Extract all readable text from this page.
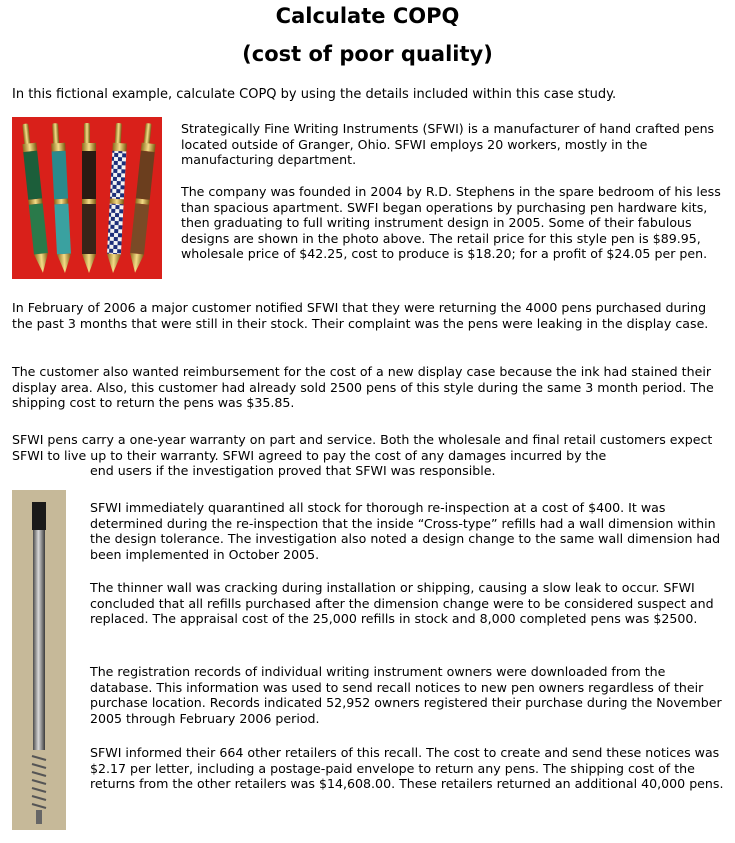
Calculate COPQ
(cost of poor quality)

In this fictional example, calculate COPQ by using the details included within this case study.

Strategically Fine Writing Instruments (SFWI) is a manufacturer of hand crafted pens located outside of Granger, Ohio. SFWI employs 20 workers, mostly in the manufacturing department.

The company was founded in 2004 by R.D. Stephens in the spare bedroom of his less than spacious apartment. SWFI began operations by purchasing pen hardware kits, then graduating to full writing instrument design in 2005. Some of their fabulous designs are shown in the photo above. The retail price for this style pen is $89.95, wholesale price of $42.25, cost to produce is $18.20; for a profit of $24.05 per pen.

In February of 2006 a major customer notified SFWI that they were returning the 4000 pens purchased during the past 3 months that were still in their stock. Their complaint was the pens were leaking in the display case.

The customer also wanted reimbursement for the cost of a new display case because the ink had stained their display area. Also, this customer had already sold 2500 pens of this style during the same 3 month period. The shipping cost to return the pens was $35.85.

SFWI pens carry a one-year warranty on part and service. Both the wholesale and final retail customers expect SFWI to live up to their warranty. SFWI agreed to pay the cost of any damages incurred by the

end users if the investigation proved that SFWI was responsible.

SFWI immediately quarantined all stock for thorough re-inspection at a cost of $400. It was determined during the re-inspection that the inside “Cross-type” refills had a wall dimension within the design tolerance. The investigation also noted a design change to the same wall dimension had been implemented in October 2005.

The thinner wall was cracking during installation or shipping, causing a slow leak to occur. SFWI concluded that all refills purchased after the dimension change were to be considered suspect and replaced. The appraisal cost of the 25,000 refills in stock and 8,000 completed pens was $2500.

The registration records of individual writing instrument owners were downloaded from the database. This information was used to send recall notices to new pen owners regardless of their purchase location. Records indicated 52,952 owners registered their purchase during the November 2005 through February 2006 period.

SFWI informed their 664 other retailers of this recall. The cost to create and send these notices was $2.17 per letter, including a postage-paid envelope to return any pens. The shipping cost of the returns from the other retailers was $14,608.00. These retailers returned an additional 40,000 pens.
